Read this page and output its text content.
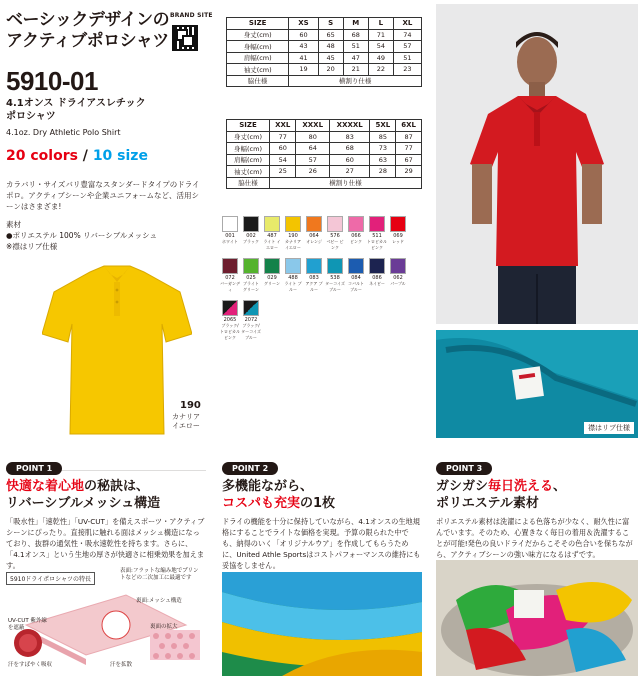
ベーシックデザインの
アクティブポロシャツ
BRAND SITE
5910-01
4.1オンス ドライアスレチック
ポロシャツ
4.1oz. Dry Athletic Polo Shirt
20 colors / 10 size
カラバリ・サイズバリ豊富なスタンダードタイプのドライポロ。アクティブシーンや企業ユニフォームなど、活用シーンはさまざま!
素材
●ポリエステル 100% リバーシブルメッシュ
※襟はリブ仕様
190
カナリア
イエロー
SIZE	XS	S	M	L	XL
身丈(cm)	60	65	68	71	74
身幅(cm)	43	48	51	54	57
肩幅(cm)	41	45	47	49	51
袖丈(cm)	19	20	21	22	23
脇仕様	横割り仕様				
SIZE	XXL	XXXL	XXXXL	5XL	6XL
身丈(cm)	77	80	83	85	87
身幅(cm)	60	64	68	73	77
肩幅(cm)	54	57	60	63	67
袖丈(cm)	25	26	27	28	29
脇仕様	横割り仕様				
001
ホワイト
002
ブラック
487
ライト イエロー
190
カナリア イエロー
064
オレンジ
576
ベビー ピンク
066
ピンク
511
トロピカル ピンク
069
レッド
072
バーガンディ
025
ブライト グリーン
029
グリーン
488
ライト ブルー
083
アクア ブルー
538
ターコイズ ブルー
084
コバルト ブルー
086
ネイビー
062
パープル
2065
ブラック/ トロピカル ピンク
2072
ブラック/ ターコイズ ブルー
襟はリブ仕様
POINT 1
快適な着心地の秘訣は、
リバーシブルメッシュ構造
「吸水性」「速乾性」「UV-CUT」を備えスポーツ・アクティブシーンにぴったり。直接肌に触れる面はメッシュ構造になっており、抜群の通気性・吸水速乾性を持ちます。さらに、「4.1オンス」という生地の厚さが快適さに相乗効果を加えます。
5910ドライポロシャツの特長
表面:フラットな編み地でプリントなどの二次加工に最適です
裏面:メッシュ構造
UV-CUT 紫外線を遮蔽	裏面の拡大
汗をすばやく吸収	汗を拡散
POINT 2
多機能ながら、
コスパも充実の1枚
ドライの機能を十分に保持していながら、4.1オンスの生地規格にすることでライトな価格を実現。予算の限られた中でも、納得のいく「オリジナルウア」を作成してもらうために、United Athle Sportsはコストパフォーマンスの維持にも妥協をしません。
POINT 3
ガシガシ毎日洗える、
ポリエステル素材
ポリエステル素材は洗濯による色落ちが少なく、耐久性に富んでいます。そのため、心置きなく毎日の着用＆洗濯することが可能!発色の良いドライだからこそその色合いを保ちながら、アクティブシーンの強い味方になるはずです。
